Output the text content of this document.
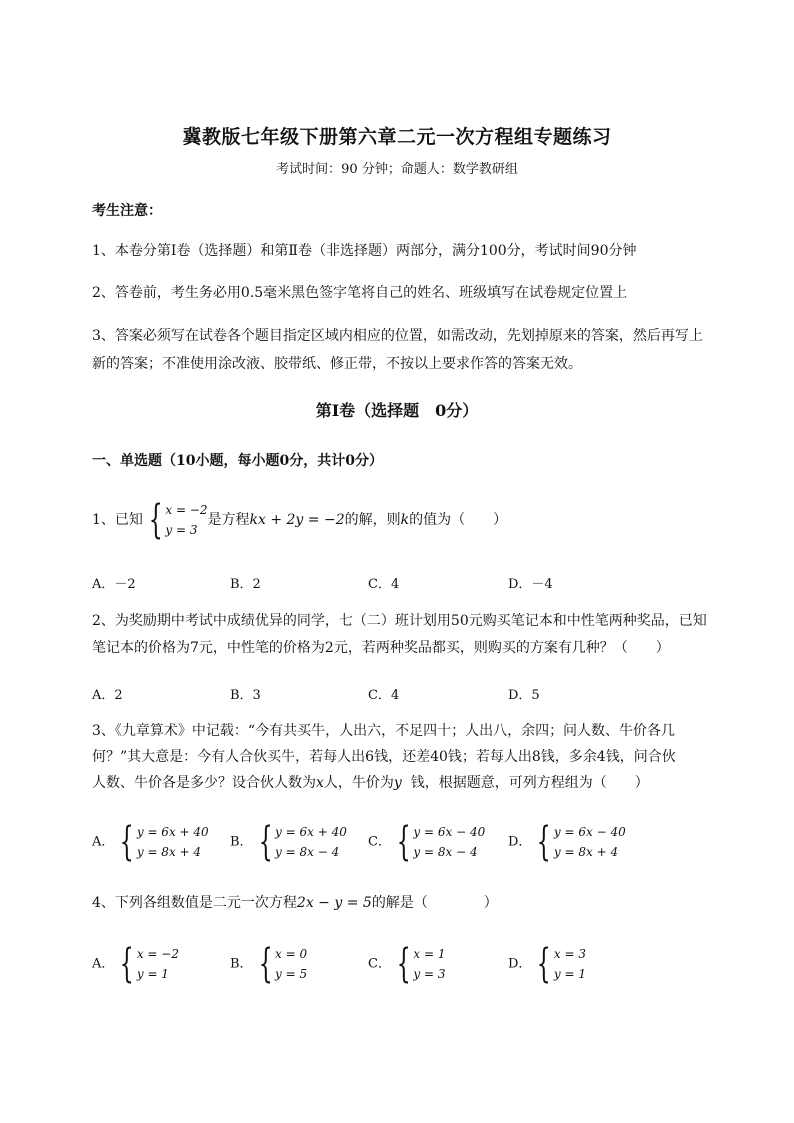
冀教版七年级下册第六章二元一次方程组专题练习
考试时间：90 分钟；命题人：数学教研组
考生注意：
1、本卷分第Ⅰ卷（选择题）和第Ⅱ卷（非选择题）两部分，满分100分，考试时间90分钟
2、答卷前，考生务必用0.5毫米黑色签字笔将自己的姓名、班级填写在试卷规定位置上
3、答案必须写在试卷各个题目指定区域内相应的位置，如需改动，先划掉原来的答案，然后再写上新的答案；不准使用涂改液、胶带纸、修正带，不按以上要求作答的答案无效。
第Ⅰ卷（选择题　0分）
一、单选题（10小题，每小题0分，共计0分）
1、已知 { x = −2
y = 3
是方程kx + 2y = −2的解，则k的值为（　　）
A．－2	B．2	C．4	D．－4
2、为奖励期中考试中成绩优异的同学，七（二）班计划用50元购买笔记本和中性笔两种奖品，已知
笔记本的价格为7元，中性笔的价格为2元，若两种奖品都买，则购买的方案有几种？（　　）
A．2	B．3	C．4	D．5
3、《九章算术》中记载：“今有共买牛，人出六，不足四十；人出八，余四；问人数、牛价各几
何？”其大意是：今有人合伙买牛，若每人出6钱，还差40钱；若每人出8钱，多余4钱，问合伙
人数、牛价各是多少？设合伙人数为x人，牛价为y 钱，根据题意，可列方程组为（　　）
A． { y = 6x + 40
y = 8x + 4
B． { y = 6x + 40
y = 8x − 4
C． { y = 6x − 40
y = 8x − 4
D． { y = 6x − 40
y = 8x + 4
4、下列各组数值是二元一次方程2x − y = 5的解是（　　　　）
A． { x = −2
y = 1
B． { x = 0
y = 5
C． { x = 1
y = 3
D． { x = 3
y = 1
